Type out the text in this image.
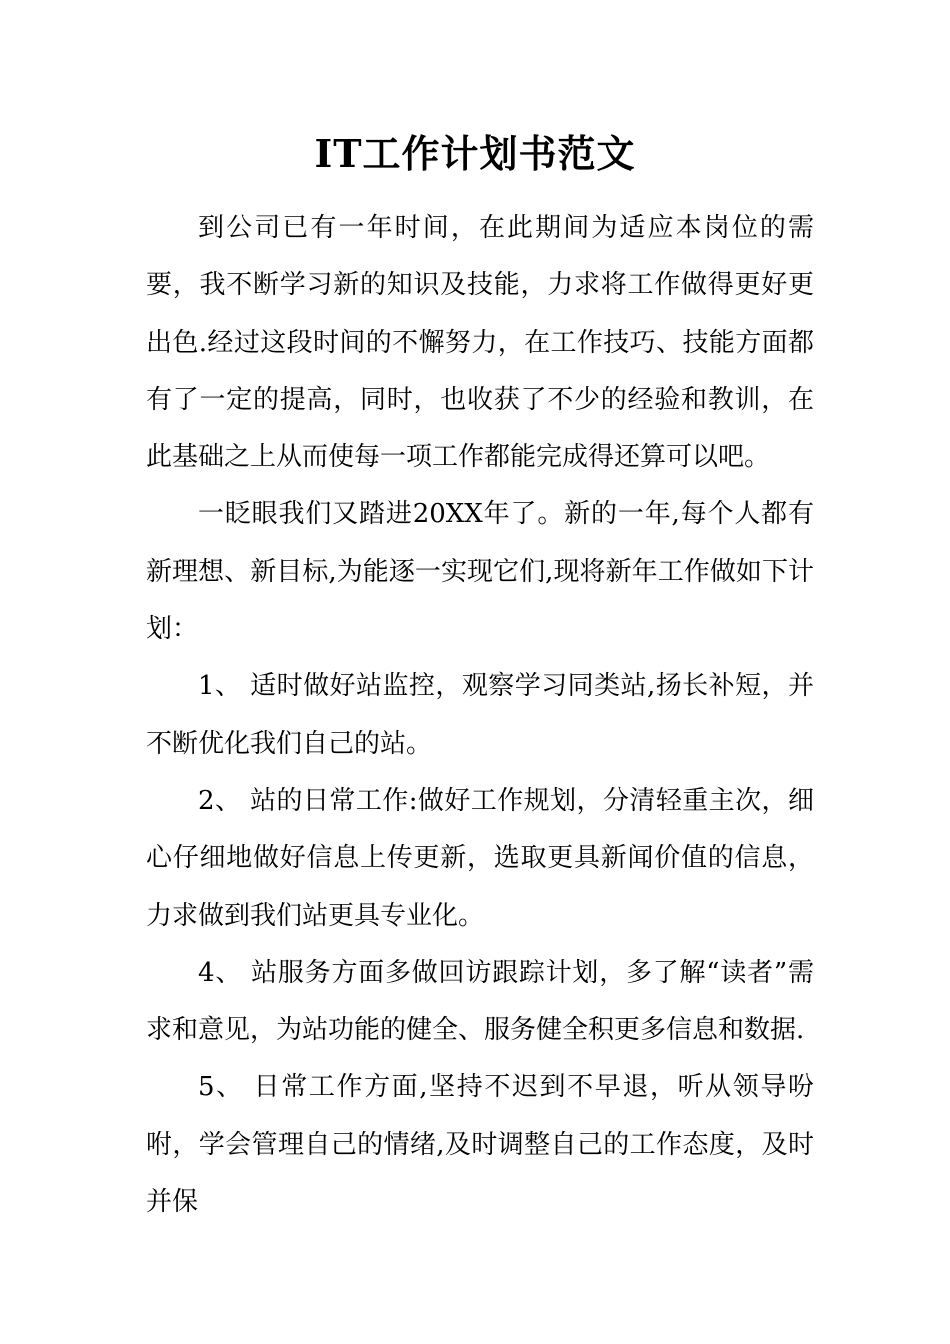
IT工作计划书范文

到公司已有一年时间，在此期间为适应本岗位的需要，我不断学习新的知识及技能，力求将工作做得更好更出色.经过这段时间的不懈努力，在工作技巧、技能方面都有了一定的提高，同时，也收获了不少的经验和教训，在此基础之上从而使每一项工作都能完成得还算可以吧。

一眨眼我们又踏进20XX年了。新的一年,每个人都有新理想、新目标,为能逐一实现它们,现将新年工作做如下计划：

1、 适时做好站监控，观察学习同类站,扬长补短，并不断优化我们自己的站。

2、 站的日常工作:做好工作规划，分清轻重主次，细心仔细地做好信息上传更新，选取更具新闻价值的信息，力求做到我们站更具专业化。

4、 站服务方面多做回访跟踪计划，多了解“读者”需求和意见，为站功能的健全、服务健全积更多信息和数据.

5、 日常工作方面,坚持不迟到不早退，听从领导吩咐，学会管理自己的情绪,及时调整自己的工作态度，及时并保
